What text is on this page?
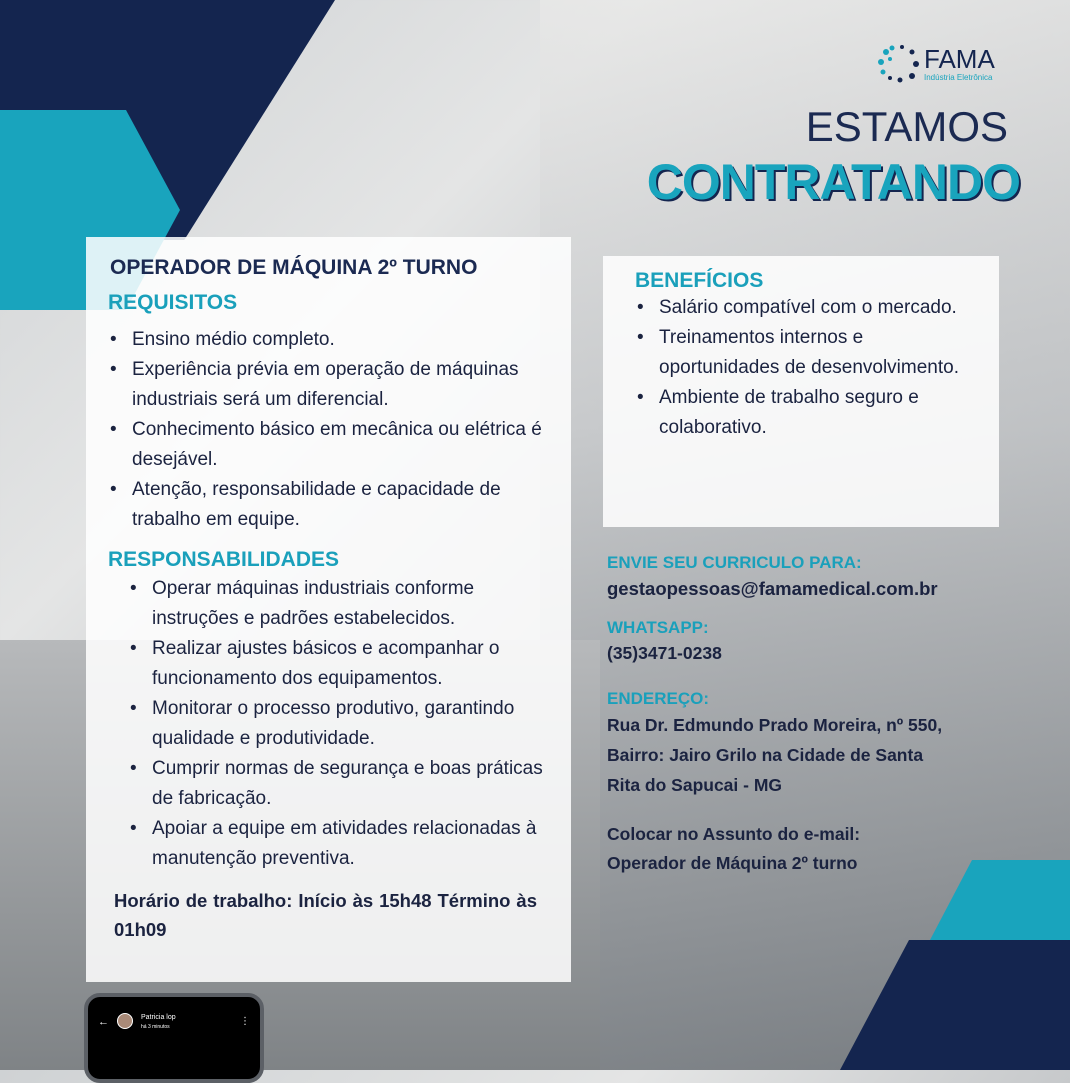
FAMA
Indústria Eletrônica
ESTAMOS
CONTRATANDO
OPERADOR DE MÁQUINA 2º TURNO
REQUISITOS
• Ensino médio completo.
• Experiência prévia em operação de máquinas industriais será um diferencial.
• Conhecimento básico em mecânica ou elétrica é desejável.
• Atenção, responsabilidade e capacidade de trabalho em equipe.
RESPONSABILIDADES
• Operar máquinas industriais conforme instruções e padrões estabelecidos.
• Realizar ajustes básicos e acompanhar o funcionamento dos equipamentos.
• Monitorar o processo produtivo, garantindo qualidade e produtividade.
• Cumprir normas de segurança e boas práticas de fabricação.
• Apoiar a equipe em atividades relacionadas à manutenção preventiva.
Horário de trabalho: Início às 15h48 Término às 01h09
BENEFÍCIOS
• Salário compatível com o mercado.
• Treinamentos internos e oportunidades de desenvolvimento.
• Ambiente de trabalho seguro e colaborativo.
ENVIE SEU CURRICULO PARA:
gestaopessoas@famamedical.com.br
WHATSAPP:
(35)3471-0238
ENDEREÇO:
Rua Dr. Edmundo Prado Moreira, nº 550, Bairro: Jairo Grilo na Cidade de Santa Rita do Sapucai - MG
Colocar no Assunto do e-mail: Operador de Máquina 2º turno
←	Patricia lop
há 3 minutos	⋮
